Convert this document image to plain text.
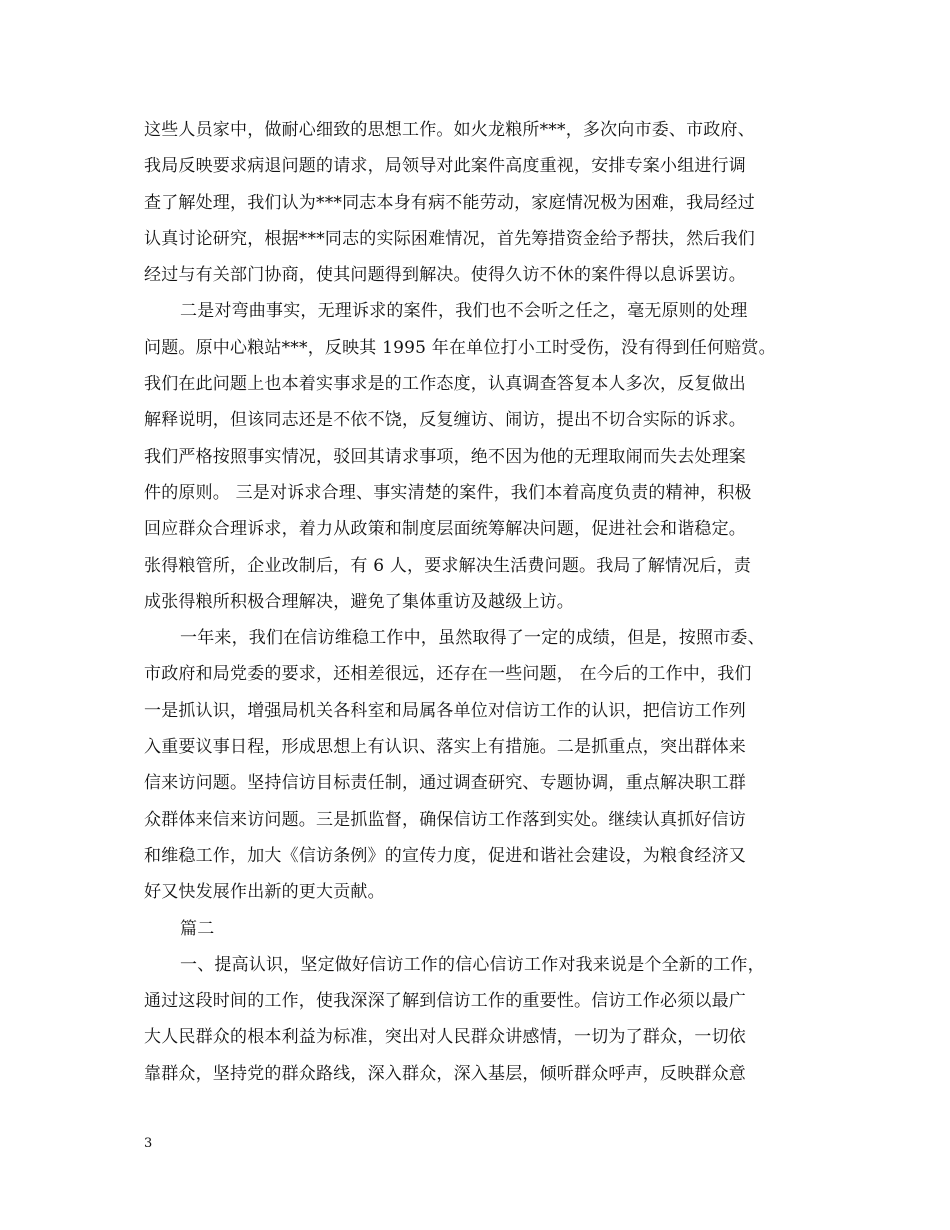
这些人员家中，做耐心细致的思想工作。如火龙粮所***，多次向市委、市政府、
我局反映要求病退问题的请求，局领导对此案件高度重视，安排专案小组进行调
查了解处理，我们认为***同志本身有病不能劳动，家庭情况极为困难，我局经过
认真讨论研究，根据***同志的实际困难情况，首先筹措资金给予帮扶，然后我们
经过与有关部门协商，使其问题得到解决。使得久访不休的案件得以息诉罢访。
二是对弯曲事实，无理诉求的案件，我们也不会听之任之，毫无原则的处理
问题。原中心粮站***，反映其 1995 年在单位打小工时受伤，没有得到任何赔赏。
我们在此问题上也本着实事求是的工作态度，认真调查答复本人多次，反复做出
解释说明，但该同志还是不依不饶，反复缠访、闹访，提出不切合实际的诉求。
我们严格按照事实情况，驳回其请求事项，绝不因为他的无理取闹而失去处理案
件的原则。 三是对诉求合理、事实清楚的案件，我们本着高度负责的精神，积极
回应群众合理诉求，着力从政策和制度层面统筹解决问题，促进社会和谐稳定。
张得粮管所，企业改制后，有 6 人，要求解决生活费问题。我局了解情况后，责
成张得粮所积极合理解决，避免了集体重访及越级上访。
一年来，我们在信访维稳工作中，虽然取得了一定的成绩，但是，按照市委、
市政府和局党委的要求，还相差很远，还存在一些问题， 在今后的工作中，我们
一是抓认识，增强局机关各科室和局属各单位对信访工作的认识，把信访工作列
入重要议事日程，形成思想上有认识、落实上有措施。二是抓重点，突出群体来
信来访问题。坚持信访目标责任制，通过调查研究、专题协调，重点解决职工群
众群体来信来访问题。三是抓监督，确保信访工作落到实处。继续认真抓好信访
和维稳工作，加大《信访条例》的宣传力度，促进和谐社会建设，为粮食经济又
好又快发展作出新的更大贡献。
篇二
一、提高认识，坚定做好信访工作的信心信访工作对我来说是个全新的工作，
通过这段时间的工作，使我深深了解到信访工作的重要性。信访工作必须以最广
大人民群众的根本利益为标准，突出对人民群众讲感情，一切为了群众，一切依
靠群众，坚持党的群众路线，深入群众，深入基层，倾听群众呼声，反映群众意
3
